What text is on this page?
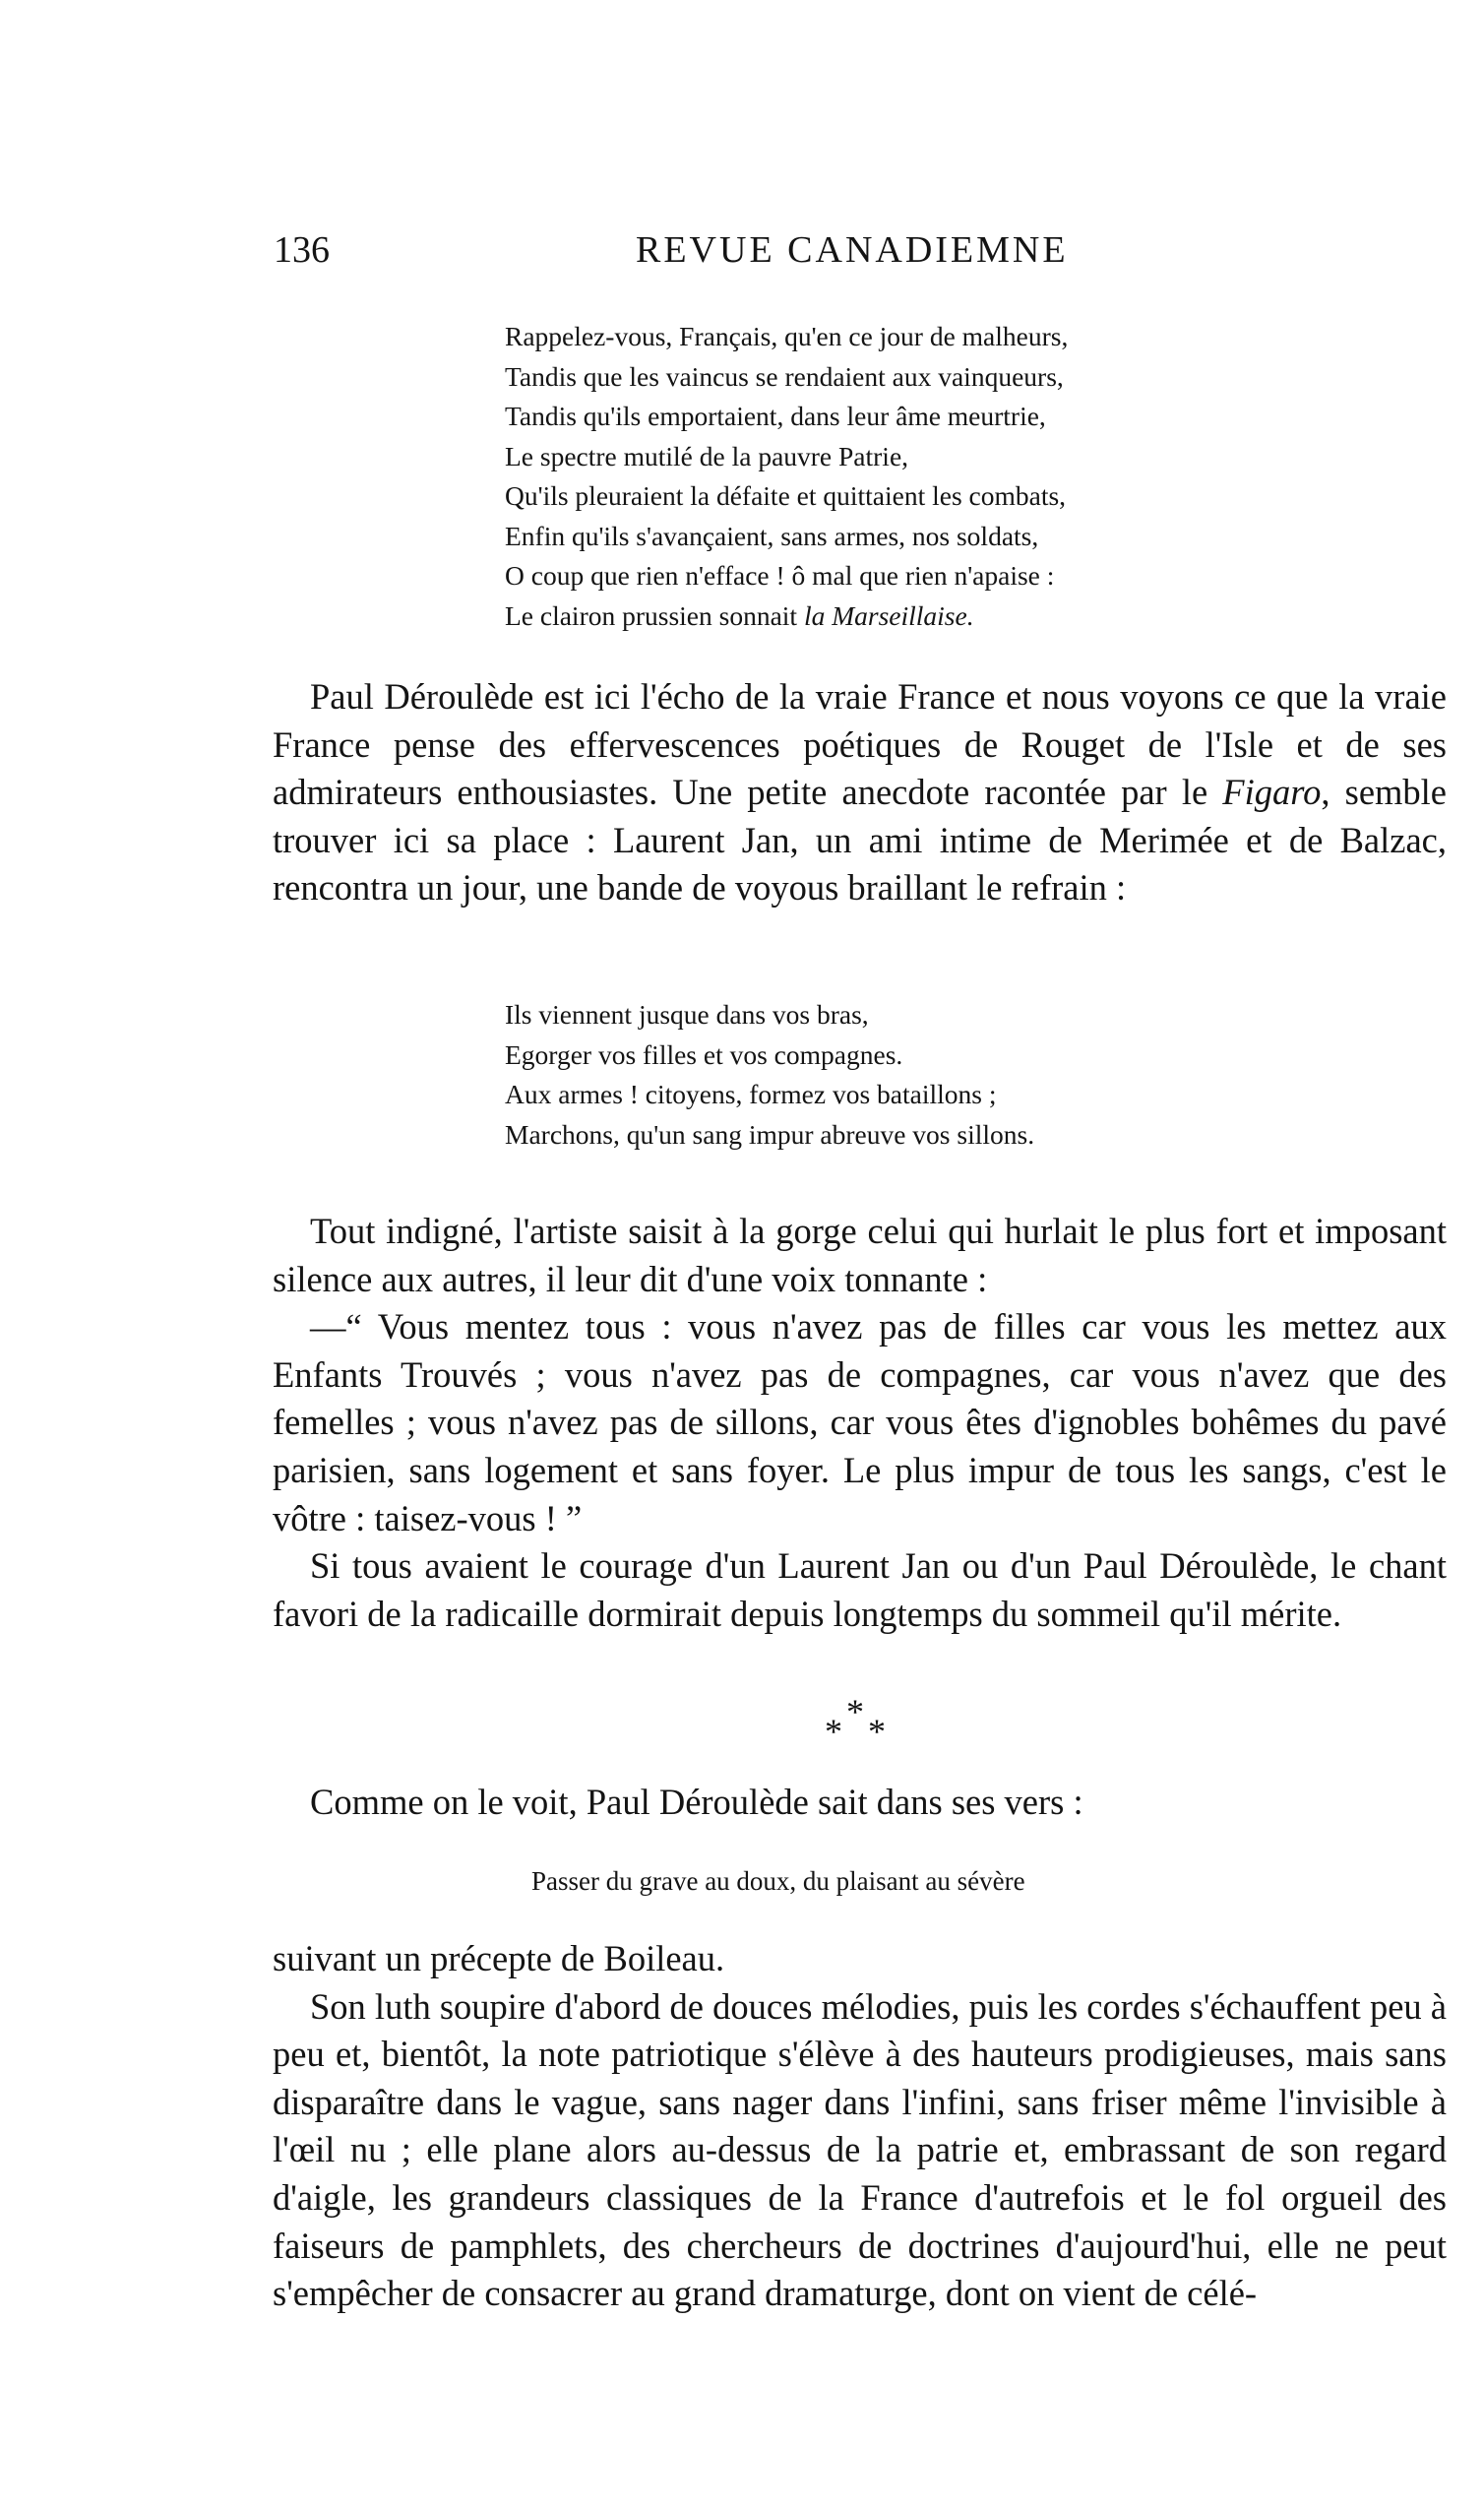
136	REVUE CANADIEMNE
Rappelez-vous, Français, qu'en ce jour de malheurs,
Tandis que les vaincus se rendaient aux vainqueurs,
Tandis qu'ils emportaient, dans leur âme meurtrie,
Le spectre mutilé de la pauvre Patrie,
Qu'ils pleuraient la défaite et quittaient les combats,
Enfin qu'ils s'avançaient, sans armes, nos soldats,
O coup que rien n'efface ! ô mal que rien n'apaise :
Le clairon prussien sonnait la Marseillaise.

Paul Déroulède est ici l'écho de la vraie France et nous voyons ce que la vraie France pense des effervescences poétiques de Rouget de l'Isle et de ses admirateurs enthousiastes. Une petite anecdote racontée par le Figaro, semble trouver ici sa place : Laurent Jan, un ami intime de Merimée et de Balzac, rencontra un jour, une bande de voyous braillant le refrain :

Ils viennent jusque dans vos bras,
Egorger vos filles et vos compagnes.
Aux armes ! citoyens, formez vos bataillons ;
Marchons, qu'un sang impur abreuve vos sillons.

Tout indigné, l'artiste saisit à la gorge celui qui hurlait le plus fort et imposant silence aux autres, il leur dit d'une voix tonnante :

—“ Vous mentez tous : vous n'avez pas de filles car vous les mettez aux Enfants Trouvés ; vous n'avez pas de compagnes, car vous n'avez que des femelles ; vous n'avez pas de sillons, car vous êtes d'ignobles bohêmes du pavé parisien, sans logement et sans foyer. Le plus impur de tous les sangs, c'est le vôtre : taisez-vous ! ”

Si tous avaient le courage d'un Laurent Jan ou d'un Paul Déroulède, le chant favori de la radicaille dormirait depuis longtemps du sommeil qu'il mérite.

*
* *

Comme on le voit, Paul Déroulède sait dans ses vers :

Passer du grave au doux, du plaisant au sévère

suivant un précepte de Boileau.

Son luth soupire d'abord de douces mélodies, puis les cordes s'échauffent peu à peu et, bientôt, la note patriotique s'élève à des hauteurs prodigieuses, mais sans disparaître dans le vague, sans nager dans l'infini, sans friser même l'invisible à l'œil nu ; elle plane alors au-dessus de la patrie et, embrassant de son regard d'aigle, les grandeurs classiques de la France d'autrefois et le fol orgueil des faiseurs de pamphlets, des chercheurs de doctrines d'aujourd'hui, elle ne peut s'empêcher de consacrer au grand dramaturge, dont on vient de célé-
